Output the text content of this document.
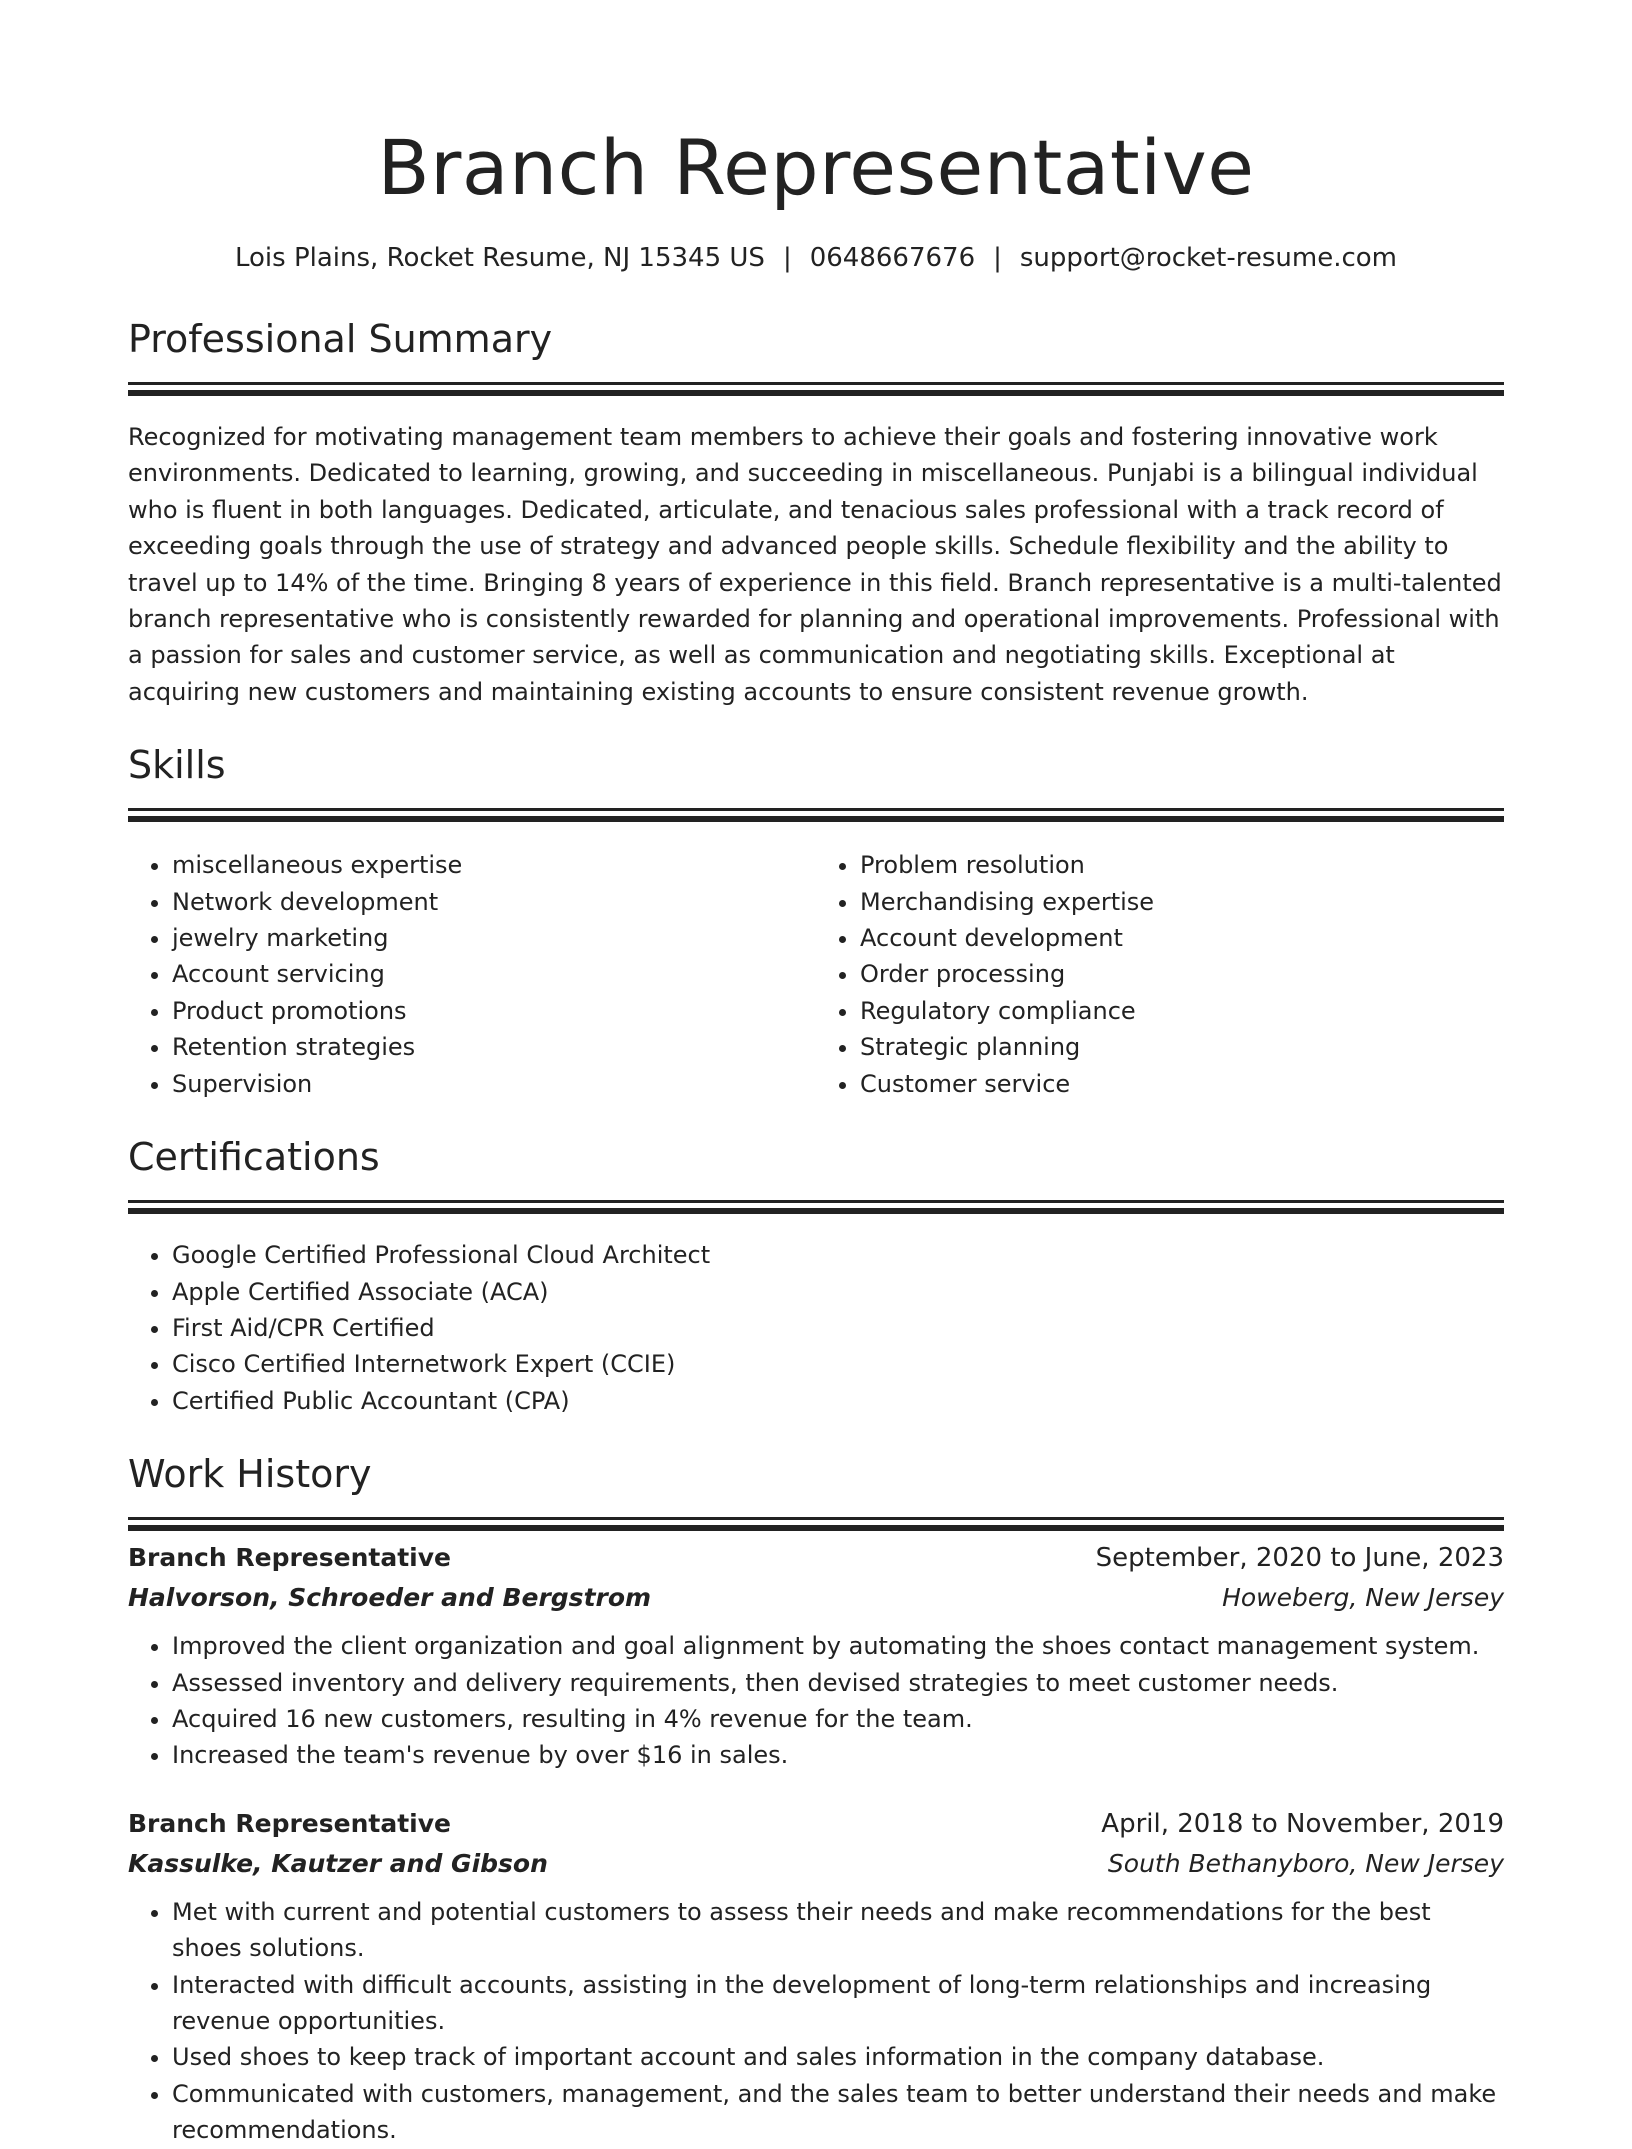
Branch Representative
Lois Plains, Rocket Resume, NJ 15345 US | 0648667676 | support@rocket-resume.com
Professional Summary
Recognized for motivating management team members to achieve their goals and fostering innovative work environments. Dedicated to learning, growing, and succeeding in miscellaneous. Punjabi is a bilingual individual who is fluent in both languages. Dedicated, articulate, and tenacious sales professional with a track record of exceeding goals through the use of strategy and advanced people skills. Schedule flexibility and the ability to travel up to 14% of the time. Bringing 8 years of experience in this field. Branch representative is a multi-talented branch representative who is consistently rewarded for planning and operational improvements. Professional with a passion for sales and customer service, as well as communication and negotiating skills. Exceptional at acquiring new customers and maintaining existing accounts to ensure consistent revenue growth.
Skills
• miscellaneous expertise
• Network development
• jewelry marketing
• Account servicing
• Product promotions
• Retention strategies
• Supervision
• Problem resolution
• Merchandising expertise
• Account development
• Order processing
• Regulatory compliance
• Strategic planning
• Customer service
Certifications
• Google Certified Professional Cloud Architect
• Apple Certified Associate (ACA)
• First Aid/CPR Certified
• Cisco Certified Internetwork Expert (CCIE)
• Certified Public Accountant (CPA)
Work History
Branch Representative	September, 2020 to June, 2023
Halvorson, Schroeder and Bergstrom	Howeberg, New Jersey
• Improved the client organization and goal alignment by automating the shoes contact management system.
• Assessed inventory and delivery requirements, then devised strategies to meet customer needs.
• Acquired 16 new customers, resulting in 4% revenue for the team.
• Increased the team's revenue by over $16 in sales.
Branch Representative	April, 2018 to November, 2019
Kassulke, Kautzer and Gibson	South Bethanyboro, New Jersey
• Met with current and potential customers to assess their needs and make recommendations for the best shoes solutions.
• Interacted with difficult accounts, assisting in the development of long-term relationships and increasing revenue opportunities.
• Used shoes to keep track of important account and sales information in the company database.
• Communicated with customers, management, and the sales team to better understand their needs and make recommendations.
